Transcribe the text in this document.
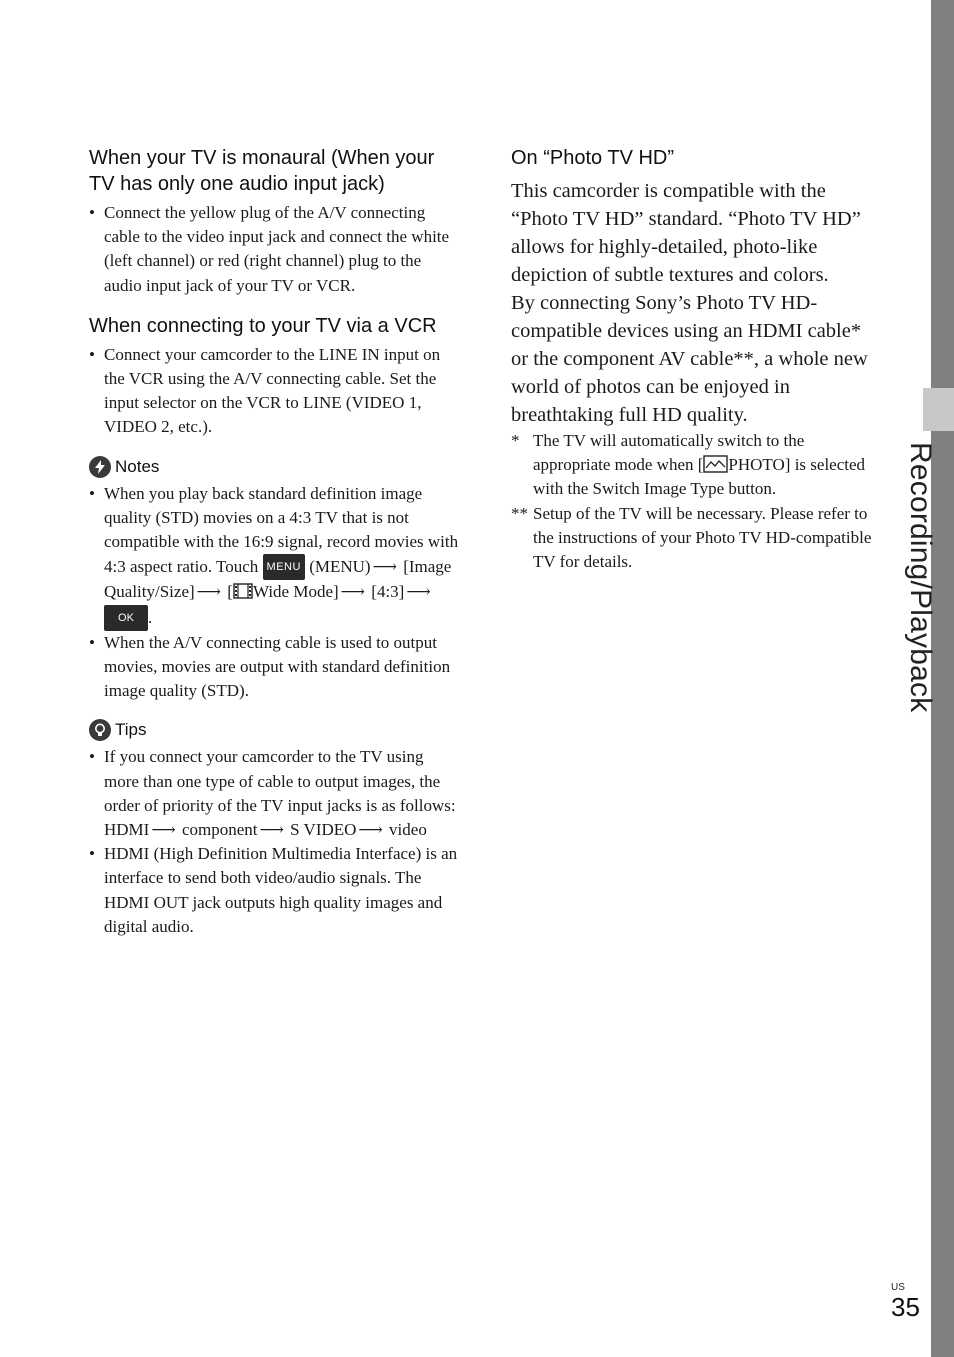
Recording/Playback
When your TV is monaural (When your TV has only one audio input jack)
• Connect the yellow plug of the A/V connecting cable to the video input jack and connect the white (left channel) or red (right channel) plug to the audio input jack of your TV or VCR.
When connecting to your TV via a VCR
• Connect your camcorder to the LINE IN input on the VCR using the A/V connecting cable. Set the input selector on the VCR to LINE (VIDEO 1, VIDEO 2, etc.).
Notes
• When you play back standard definition image quality (STD) movies on a 4:3 TV that is not compatible with the 16:9 signal, record movies with 4:3 aspect ratio. Touch MENU (MENU) ⟶ [Image Quality/Size] ⟶ [ Wide Mode] ⟶ [4:3] ⟶ OK .
• When the A/V connecting cable is used to output movies, movies are output with standard definition image quality (STD).
Tips
• If you connect your camcorder to the TV using more than one type of cable to output images, the order of priority of the TV input jacks is as follows:
HDMI ⟶ component ⟶ S VIDEO ⟶ video
• HDMI (High Definition Multimedia Interface) is an interface to send both video/audio signals. The HDMI OUT jack outputs high quality images and digital audio.
On “Photo TV HD”

This camcorder is compatible with the “Photo TV HD” standard. “Photo TV HD” allows for highly-detailed, photo-like depiction of subtle textures and colors.

By connecting Sony’s Photo TV HD-compatible devices using an HDMI cable* or the component AV cable**, a whole new world of photos can be enjoyed in breathtaking full HD quality.

* The TV will automatically switch to the appropriate mode when [ PHOTO] is selected with the Switch Image Type button.
** Setup of the TV will be necessary. Please refer to the instructions of your Photo TV HD-compatible TV for details.
US
35
